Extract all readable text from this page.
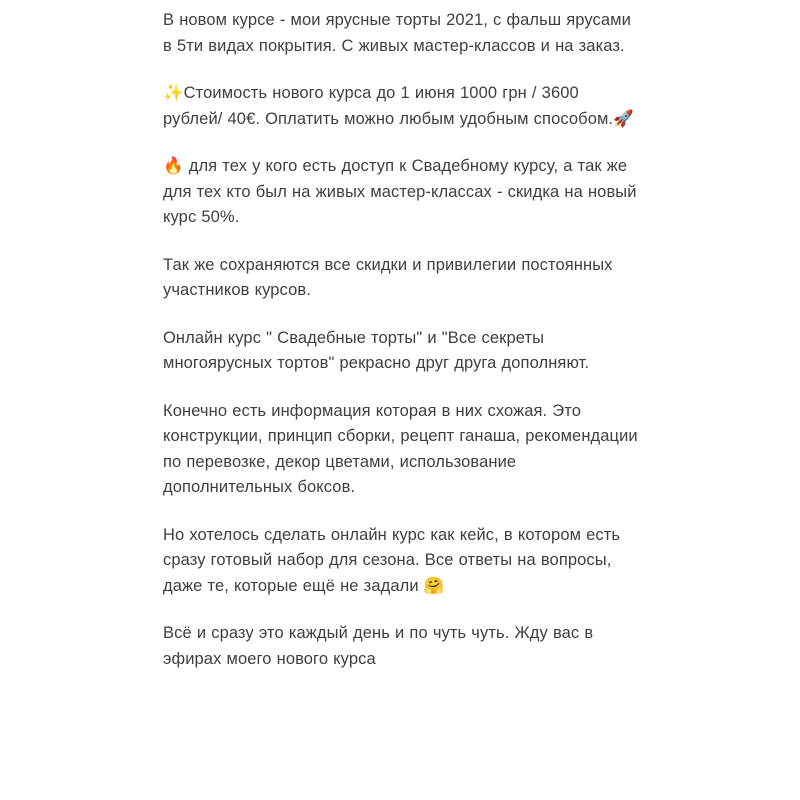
В новом курсе - мои ярусные торты 2021, с фальш ярусами в 5ти видах покрытия. С живых мастер-классов и на заказ.

✨Стоимость нового курса до 1 июня 1000 грн / 3600 рублей/ 40€. Оплатить можно любым удобным способом.🚀

🔥 для тех у кого есть доступ к Свадебному курсу, а так же для тех кто был на живых мастер-классах - скидка на новый курс 50%.

Так же сохраняются все скидки и привилегии постоянных участников курсов.

Онлайн курс " Свадебные торты" и "Все секреты многоярусных тортов" рекрасно друг друга дополняют.

Конечно есть информация которая в них схожая. Это конструкции, принцип сборки, рецепт ганаша, рекомендации по перевозке, декор цветами, использование дополнительных боксов.

Но хотелось сделать онлайн курс как кейс, в котором есть сразу готовый набор для сезона. Все ответы на вопросы, даже те, которые ещё не задали 🤗

Всё и сразу это каждый день и по чуть чуть. Жду вас в эфирах моего нового курса
